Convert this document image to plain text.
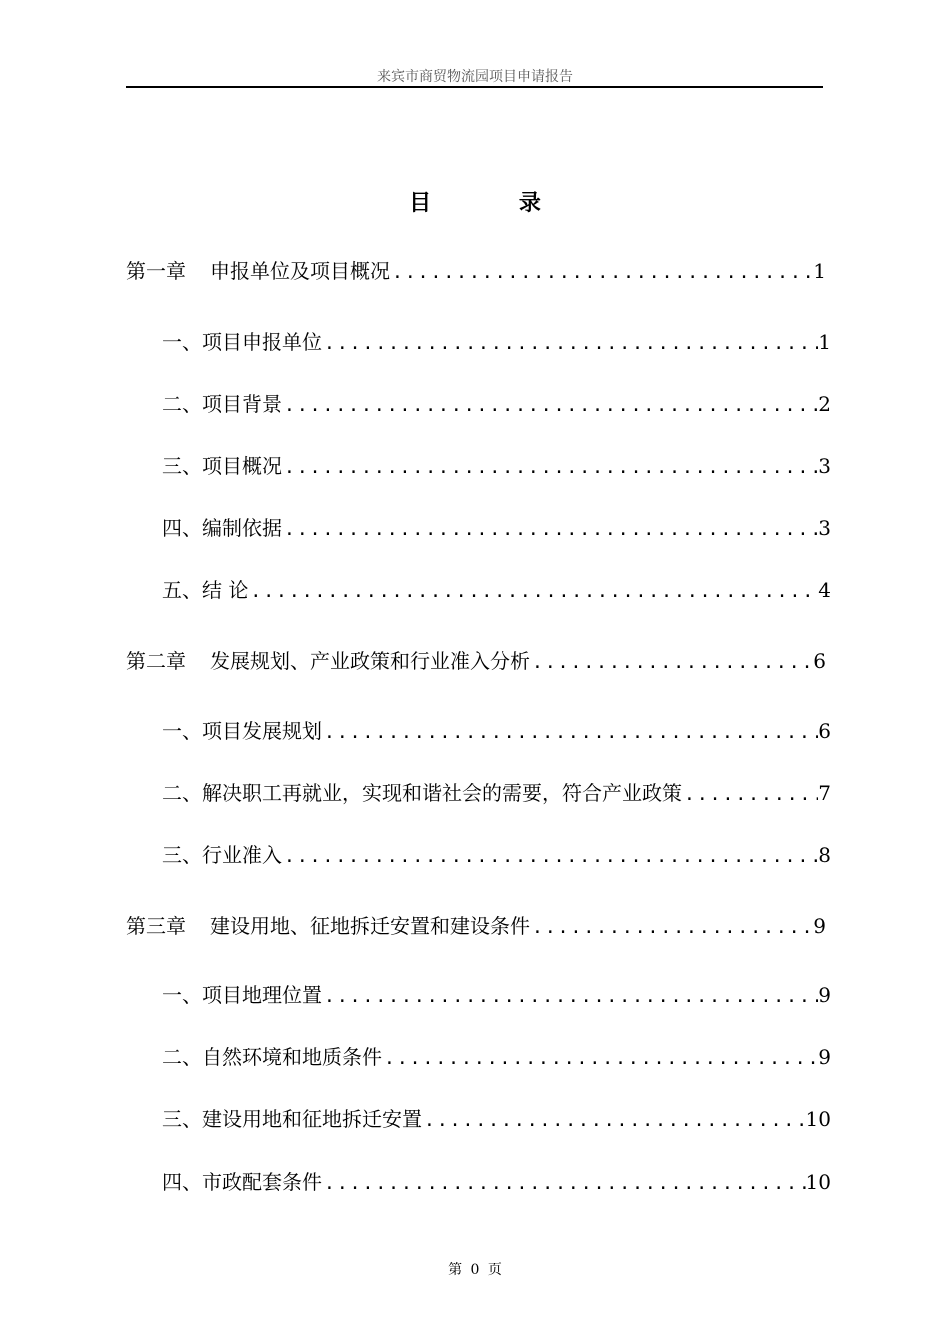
来宾市商贸物流园项目申请报告
目 录
第一章 申报单位及项目概况 .....	1
一、项目申报单位 .....	1
二、项目背景 .....	2
三、项目概况 .....	3
四、编制依据 .....	3
五、结 论 .....	4
第二章 发展规划、产业政策和行业准入分析 .....	6
一、项目发展规划 .....	6
二、解决职工再就业，实现和谐社会的需要，符合产业政策 .....	7
三、行业准入 .....	8
第三章 建设用地、征地拆迁安置和建设条件 .....	9
一、项目地理位置 .....	9
二、自然环境和地质条件 .....	9
三、建设用地和征地拆迁安置 .....	10
四、市政配套条件 .....	10
第 0 页
